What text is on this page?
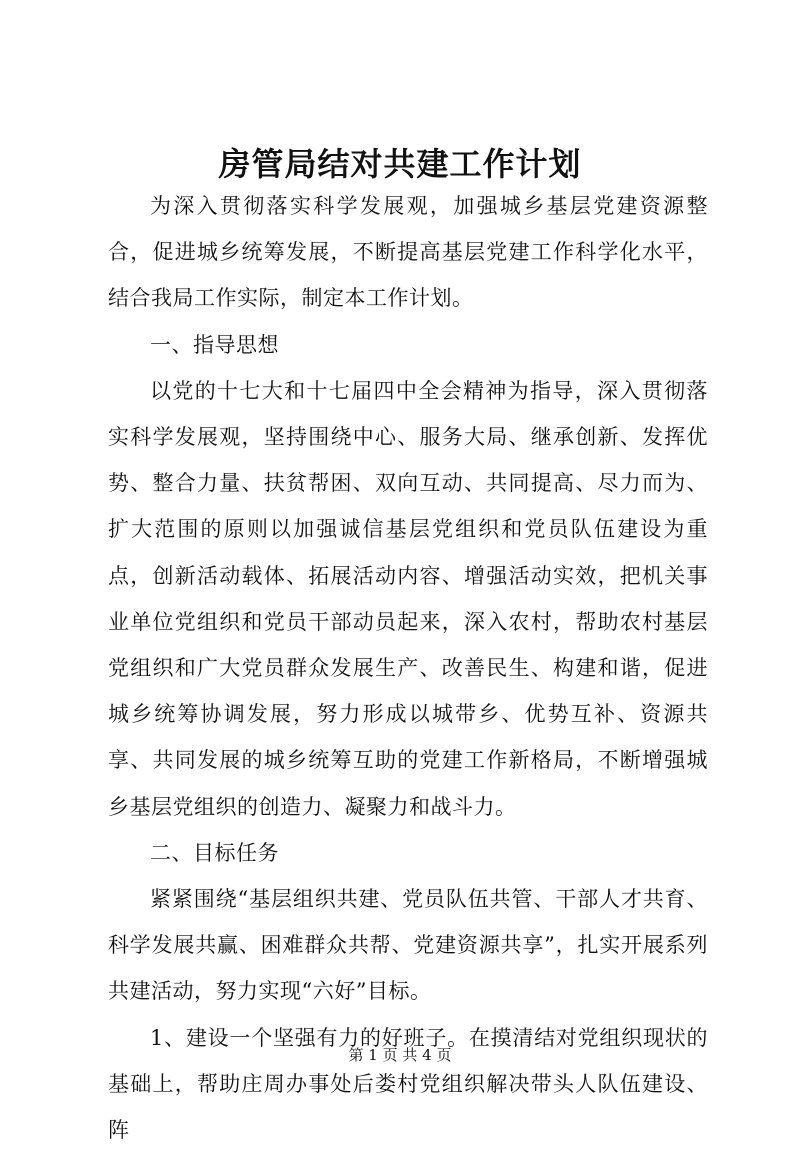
房管局结对共建工作计划

为深入贯彻落实科学发展观，加强城乡基层党建资源整合，促进城乡统筹发展，不断提高基层党建工作科学化水平，结合我局工作实际，制定本工作计划。

一、指导思想

以党的十七大和十七届四中全会精神为指导，深入贯彻落实科学发展观，坚持围绕中心、服务大局、继承创新、发挥优势、整合力量、扶贫帮困、双向互动、共同提高、尽力而为、扩大范围的原则以加强诚信基层党组织和党员队伍建设为重点，创新活动载体、拓展活动内容、增强活动实效，把机关事业单位党组织和党员干部动员起来，深入农村，帮助农村基层党组织和广大党员群众发展生产、改善民生、构建和谐，促进城乡统筹协调发展，努力形成以城带乡、优势互补、资源共享、共同发展的城乡统筹互助的党建工作新格局，不断增强城乡基层党组织的创造力、凝聚力和战斗力。

二、目标任务

紧紧围绕“基层组织共建、党员队伍共管、干部人才共育、科学发展共赢、困难群众共帮、党建资源共享”，扎实开展系列共建活动，努力实现“六好”目标。

1、建设一个坚强有力的好班子。在摸清结对党组织现状的基础上，帮助庄周办事处后娄村党组织解决带头人队伍建设、阵

第 1 页 共 4 页
